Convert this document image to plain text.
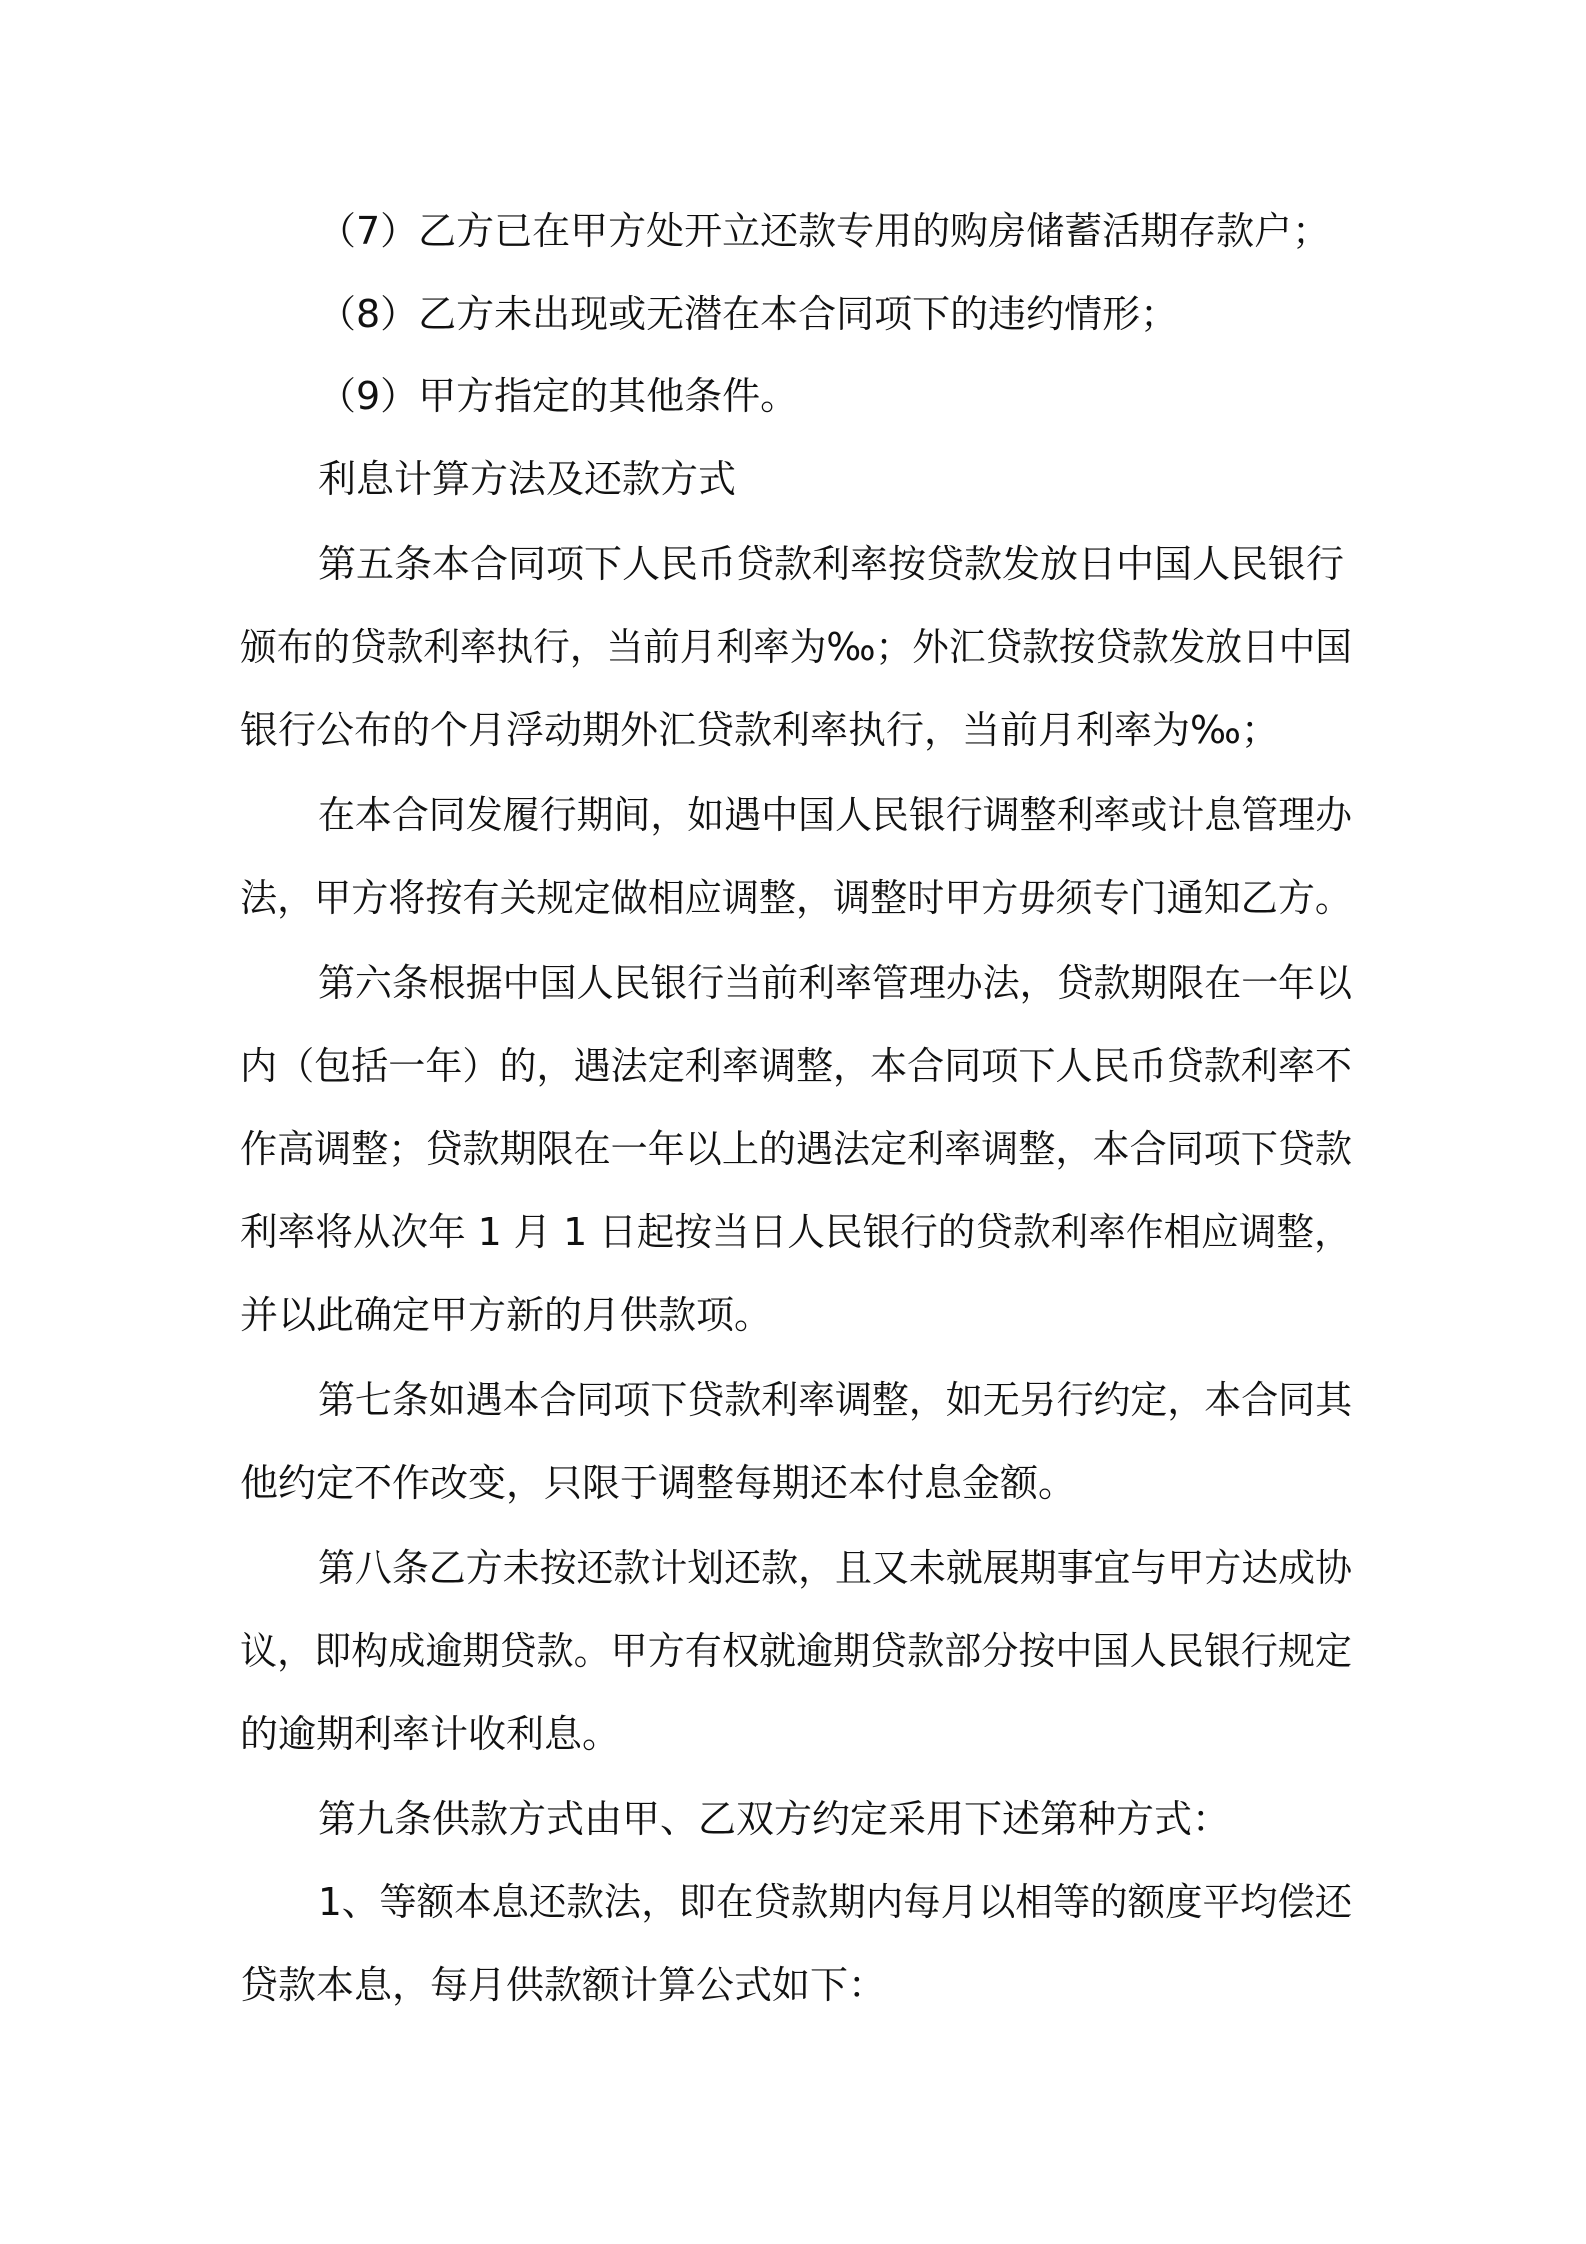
（7）乙方已在甲方处开立还款专用的购房储蓄活期存款户；
（8）乙方未出现或无潜在本合同项下的违约情形；
（9）甲方指定的其他条件。
利息计算方法及还款方式
第五条本合同项下人民币贷款利率按贷款发放日中国人民银行
颁布的贷款利率执行，当前月利率为‰；外汇贷款按贷款发放日中国
银行公布的个月浮动期外汇贷款利率执行，当前月利率为‰；
在本合同发履行期间，如遇中国人民银行调整利率或计息管理办
法，甲方将按有关规定做相应调整，调整时甲方毋须专门通知乙方。
第六条根据中国人民银行当前利率管理办法，贷款期限在一年以
内（包括一年）的，遇法定利率调整，本合同项下人民币贷款利率不
作高调整；贷款期限在一年以上的遇法定利率调整，本合同项下贷款
利率将从次年 1 月 1 日起按当日人民银行的贷款利率作相应调整，
并以此确定甲方新的月供款项。
第七条如遇本合同项下贷款利率调整，如无另行约定，本合同其
他约定不作改变，只限于调整每期还本付息金额。
第八条乙方未按还款计划还款，且又未就展期事宜与甲方达成协
议，即构成逾期贷款。甲方有权就逾期贷款部分按中国人民银行规定
的逾期利率计收利息。
第九条供款方式由甲、乙双方约定采用下述第种方式：
1、等额本息还款法，即在贷款期内每月以相等的额度平均偿还
贷款本息，每月供款额计算公式如下：
